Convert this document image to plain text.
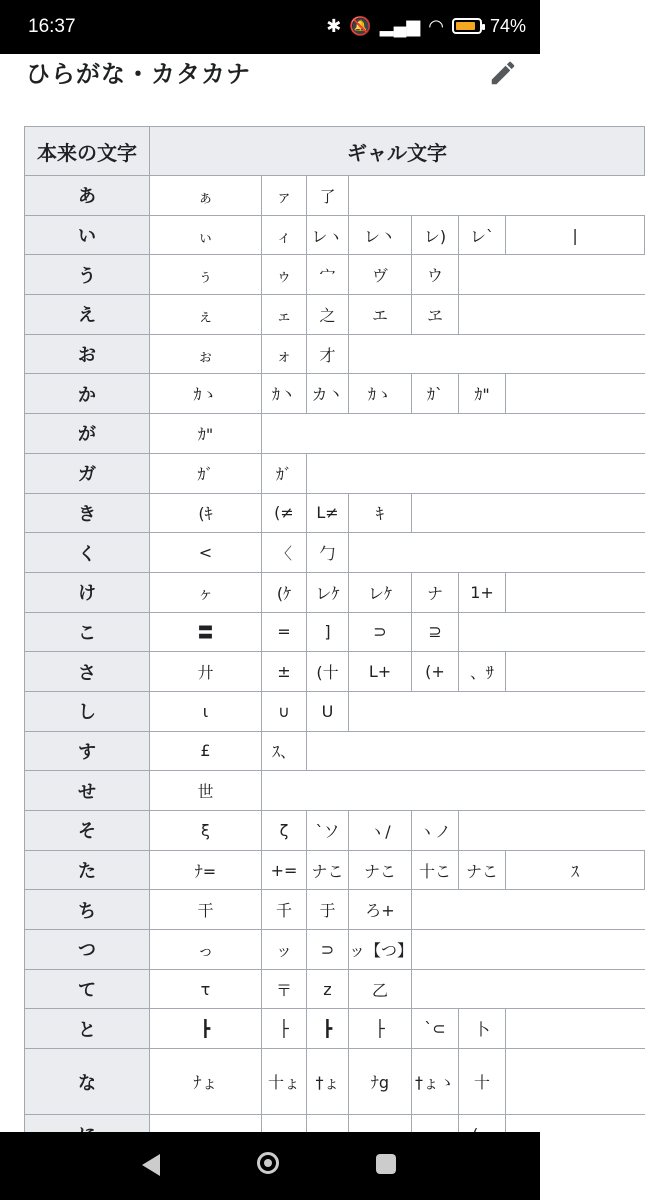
16:37	✱ 🔕 ▂▄▆ ◠	74%
ひらがな・カタカナ
本来の文字	ギャル文字						
あ	ぁ	ァ	了				
い	ぃ	ィ	レヽ	レ丶	レ)	レ`	|
う	ぅ	ゥ	宀	ヴ	ウ		
え	ぇ	ェ	之	エ	ヱ		
お	ぉ	ォ	才				
か	ｶゝ	ｶ丶	カ丶	ｶゝ	ｶ`	ｶ"	
が	ｶ"						
ガ	ｶﾞ	ｶﾞ					
き	(ｷ	(≠	L≠	ｷ			
く	<	〈	勹				
け	ヶ	(ｹ	レｹ	レｹ	ナ	1+	
こ	〓	=	]	⊃	⊇		
さ	廾	±	(十	L+	(+	、ｻ	
し	ι	∪	U				
す	£	ｽ、					
せ	世						
そ	ξ	ζ	`ソ	ヽ/	ヽノ		
た	ﾅ=	+=	ナこ	ナこ	十こ	ナこ	ｽ
ち	干	千	于	ろ+			
つ	っ	ッ	⊃	ッ【つ】			
て	τ	〒	z	乙			
と	┣	├	┣	├	`⊂	卜	
な	ﾅょ	十ょ	†ょ	ﾅg	†ょゝ	十	
